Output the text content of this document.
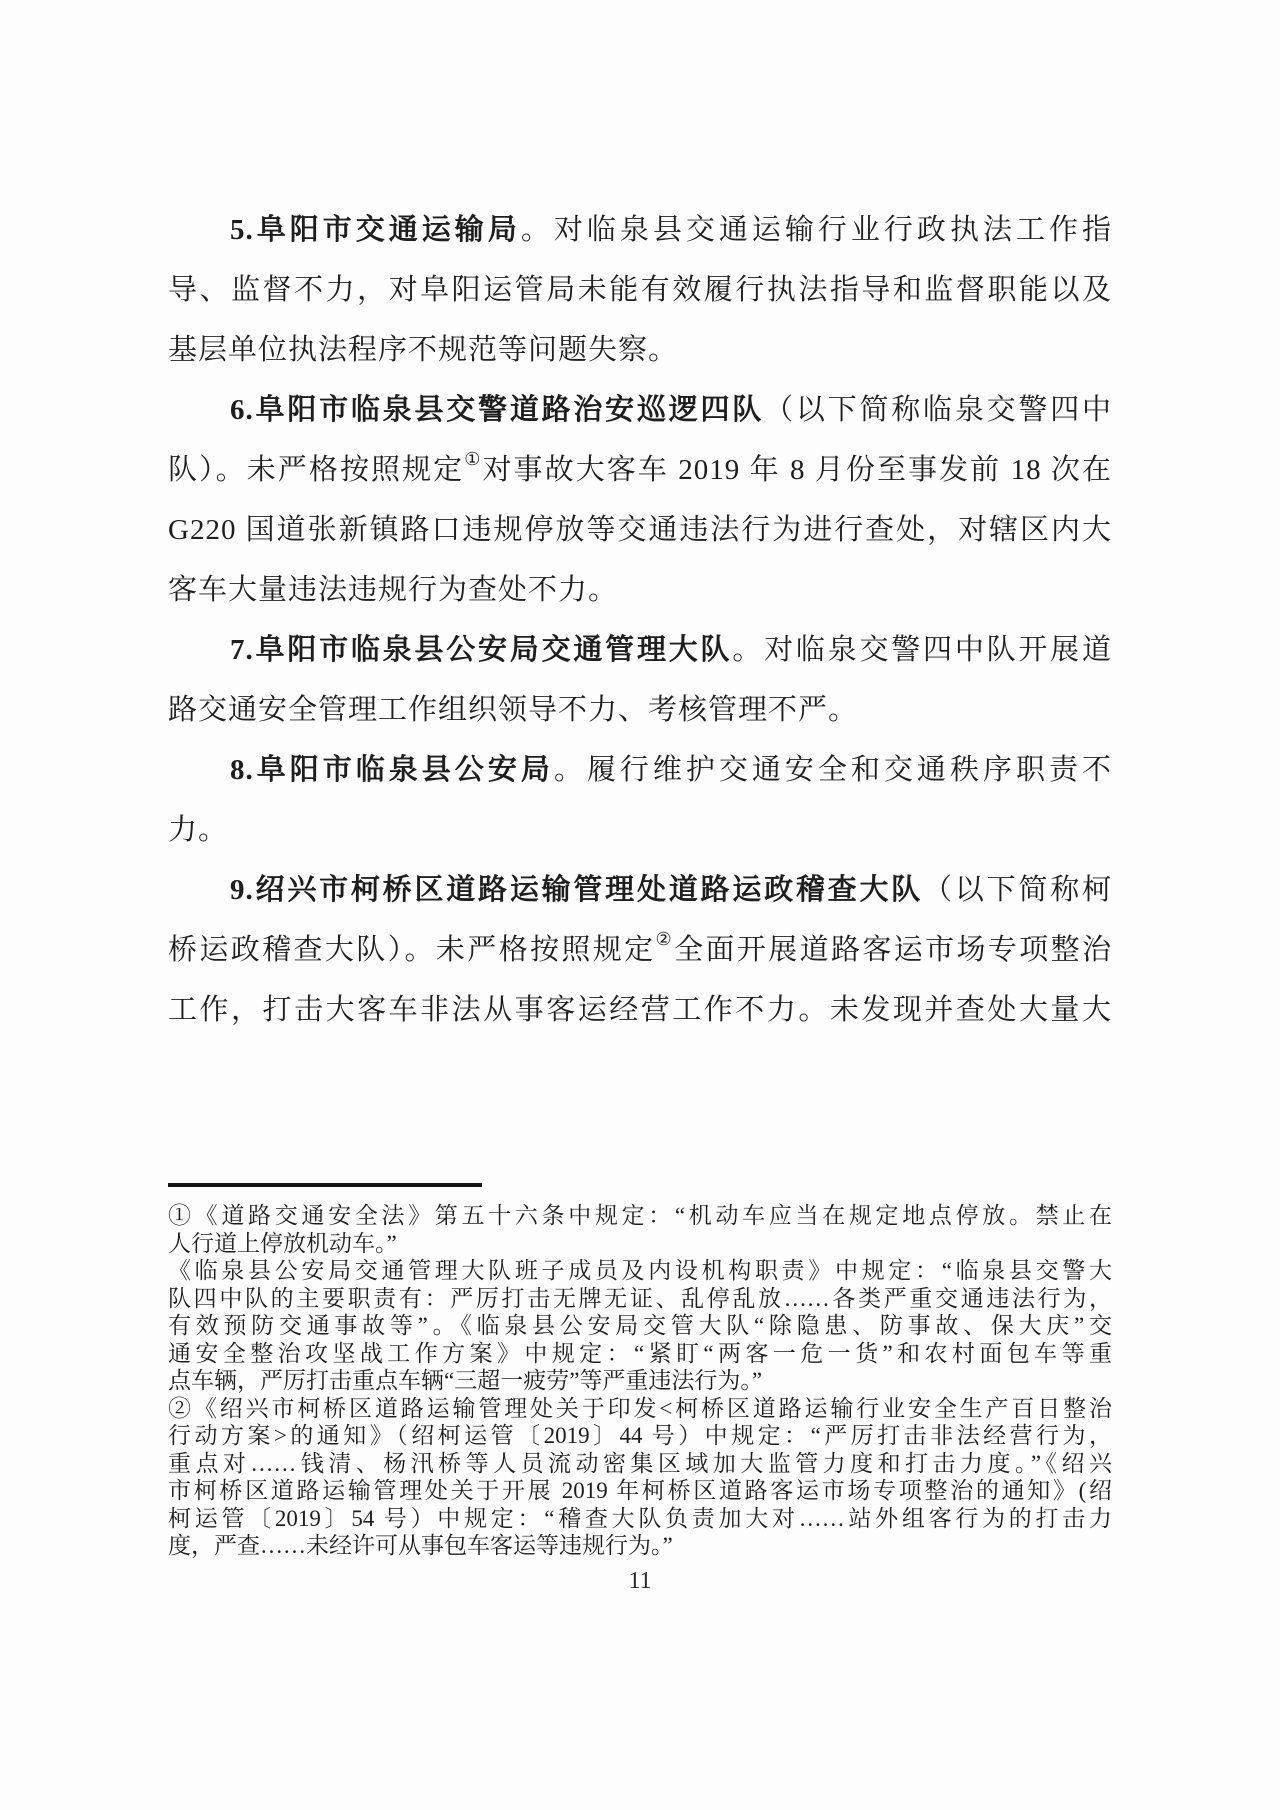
5.阜阳市交通运输局。对临泉县交通运输行业行政执法工作指
导、监督不力，对阜阳运管局未能有效履行执法指导和监督职能以及
基层单位执法程序不规范等问题失察。
6.阜阳市临泉县交警道路治安巡逻四队（以下简称临泉交警四中
队）。未严格按照规定①对事故大客车 2019 年 8 月份至事发前 18 次在
G220 国道张新镇路口违规停放等交通违法行为进行查处，对辖区内大
客车大量违法违规行为查处不力。
7.阜阳市临泉县公安局交通管理大队。对临泉交警四中队开展道
路交通安全管理工作组织领导不力、考核管理不严。
8.阜阳市临泉县公安局。履行维护交通安全和交通秩序职责不
力。
9.绍兴市柯桥区道路运输管理处道路运政稽查大队（以下简称柯
桥运政稽查大队）。未严格按照规定②全面开展道路客运市场专项整治
工作，打击大客车非法从事客运经营工作不力。未发现并查处大量大
①《道路交通安全法》第五十六条中规定：“机动车应当在规定地点停放。禁止在
人行道上停放机动车。”
《临泉县公安局交通管理大队班子成员及内设机构职责》中规定：“临泉县交警大
队四中队的主要职责有：严厉打击无牌无证、乱停乱放……各类严重交通违法行为，
有效预防交通事故等”。《临泉县公安局交管大队“除隐患、防事故、保大庆”交
通安全整治攻坚战工作方案》中规定：“紧盯“两客一危一货”和农村面包车等重
点车辆，严厉打击重点车辆“三超一疲劳”等严重违法行为。”
②《绍兴市柯桥区道路运输管理处关于印发<柯桥区道路运输行业安全生产百日整治
行动方案>的通知》（绍柯运管〔2019〕44 号）中规定：“严厉打击非法经营行为，
重点对……钱清、杨汛桥等人员流动密集区域加大监管力度和打击力度。”《绍兴
市柯桥区道路运输管理处关于开展 2019 年柯桥区道路客运市场专项整治的通知》(绍
柯运管〔2019〕54 号）中规定：“稽查大队负责加大对……站外组客行为的打击力
度，严查……未经许可从事包车客运等违规行为。”
11
